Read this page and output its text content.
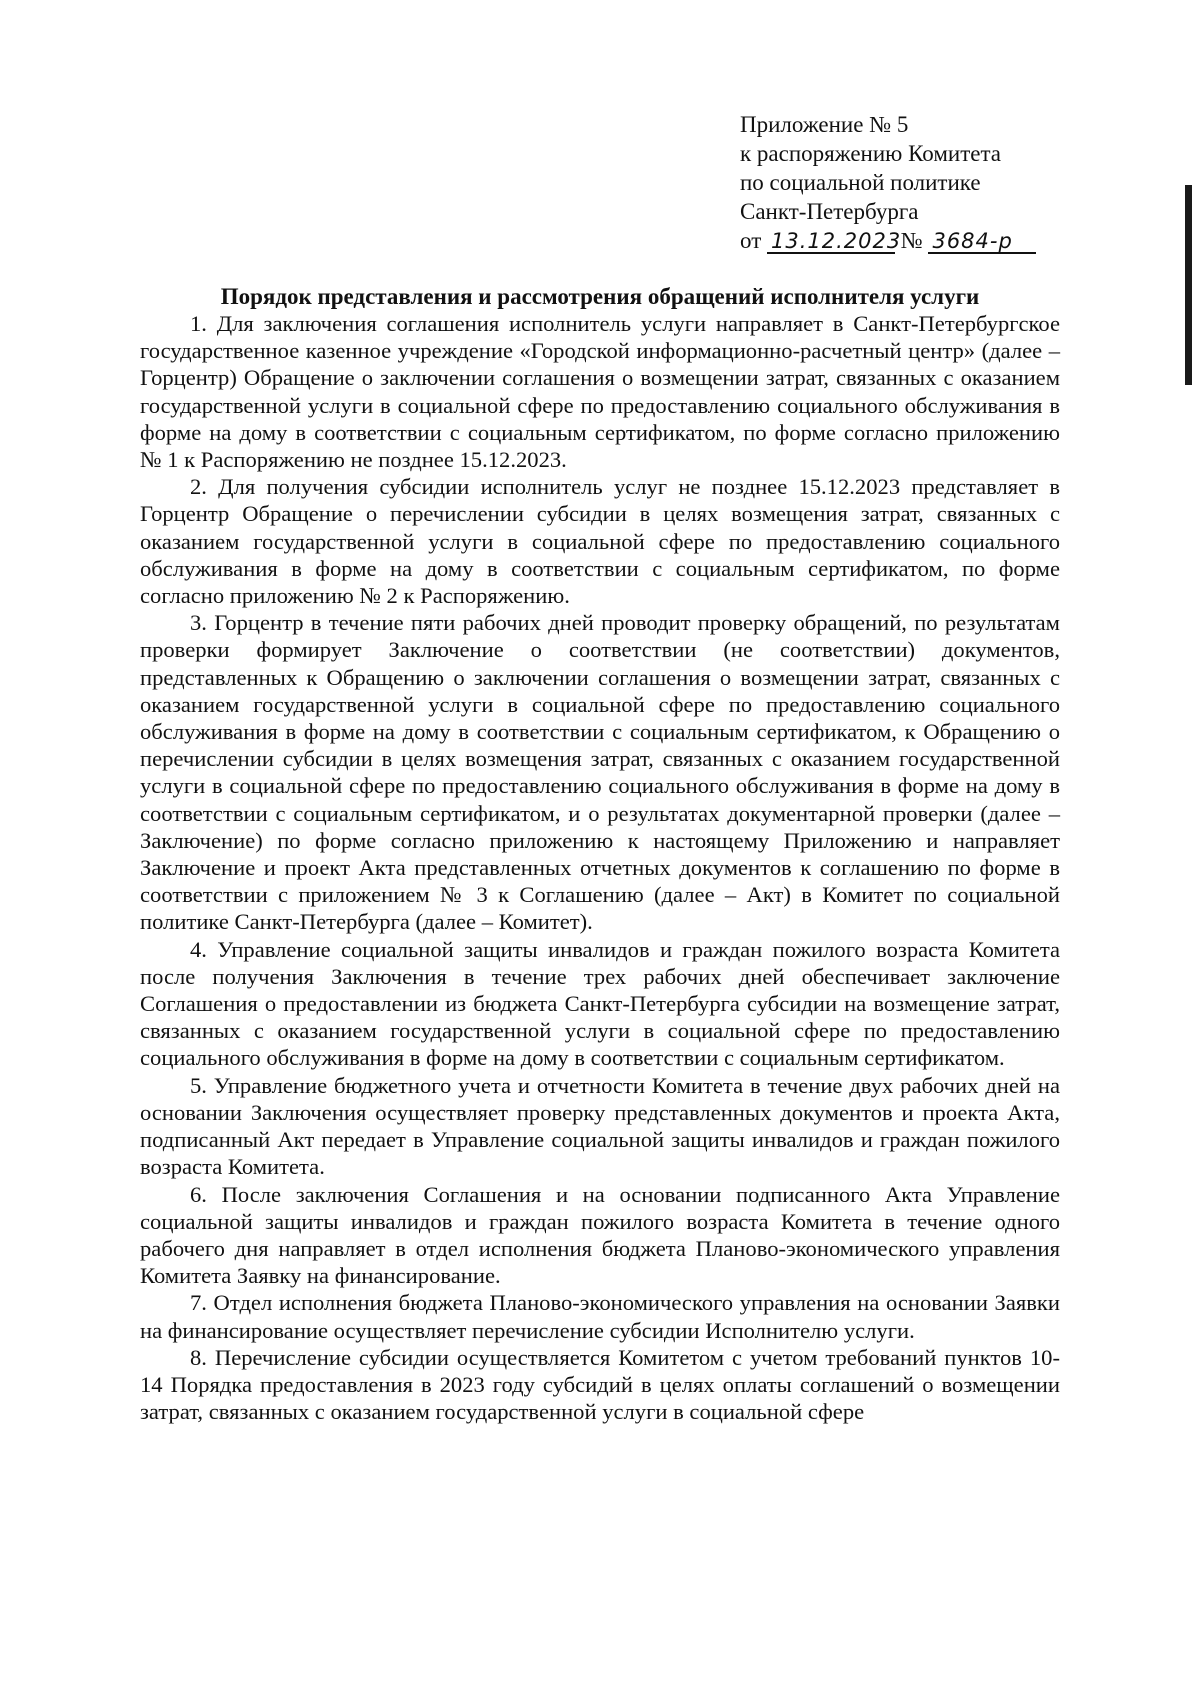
Приложение № 5
к распоряжению Комитета
по социальной политике
Санкт-Петербурга
от 13.12.2023 № 3684-р
Порядок представления и рассмотрения обращений исполнителя услуги

1. Для заключения соглашения исполнитель услуги направляет в Санкт-Петербургское государственное казенное учреждение «Городской информационно-расчетный центр» (далее – Горцентр) Обращение о заключении соглашения о возмещении затрат, связанных с оказанием государственной услуги в социальной сфере по предоставлению социального обслуживания в форме на дому в соответствии с социальным сертификатом, по форме согласно приложению № 1 к Распоряжению не позднее 15.12.2023.

2. Для получения субсидии исполнитель услуг не позднее 15.12.2023 представляет в Горцентр Обращение о перечислении субсидии в целях возмещения затрат, связанных с оказанием государственной услуги в социальной сфере по предоставлению социального обслуживания в форме на дому в соответствии с социальным сертификатом, по форме согласно приложению № 2 к Распоряжению.

3. Горцентр в течение пяти рабочих дней проводит проверку обращений, по результатам проверки формирует Заключение о соответствии (не соответствии) документов, представленных к Обращению о заключении соглашения о возмещении затрат, связанных с оказанием государственной услуги в социальной сфере по предоставлению социального обслуживания в форме на дому в соответствии с социальным сертификатом, к Обращению о перечислении субсидии в целях возмещения затрат, связанных с оказанием государственной услуги в социальной сфере по предоставлению социального обслуживания в форме на дому в соответствии с социальным сертификатом, и о результатах документарной проверки (далее – Заключение) по форме согласно приложению к настоящему Приложению и направляет Заключение и проект Акта представленных отчетных документов к соглашению по форме в соответствии с приложением № 3 к Соглашению (далее – Акт) в Комитет по социальной политике Санкт-Петербурга (далее – Комитет).

4. Управление социальной защиты инвалидов и граждан пожилого возраста Комитета после получения Заключения в течение трех рабочих дней обеспечивает заключение Соглашения о предоставлении из бюджета Санкт-Петербурга субсидии на возмещение затрат, связанных с оказанием государственной услуги в социальной сфере по предоставлению социального обслуживания в форме на дому в соответствии с социальным сертификатом.

5. Управление бюджетного учета и отчетности Комитета в течение двух рабочих дней на основании Заключения осуществляет проверку представленных документов и проекта Акта, подписанный Акт передает в Управление социальной защиты инвалидов и граждан пожилого возраста Комитета.

6. После заключения Соглашения и на основании подписанного Акта Управление социальной защиты инвалидов и граждан пожилого возраста Комитета в течение одного рабочего дня направляет в отдел исполнения бюджета Планово-экономического управления Комитета Заявку на финансирование.

7. Отдел исполнения бюджета Планово-экономического управления на основании Заявки на финансирование осуществляет перечисление субсидии Исполнителю услуги.

8. Перечисление субсидии осуществляется Комитетом с учетом требований пунктов 10-14 Порядка предоставления в 2023 году субсидий в целях оплаты соглашений о возмещении затрат, связанных с оказанием государственной услуги в социальной сфере
